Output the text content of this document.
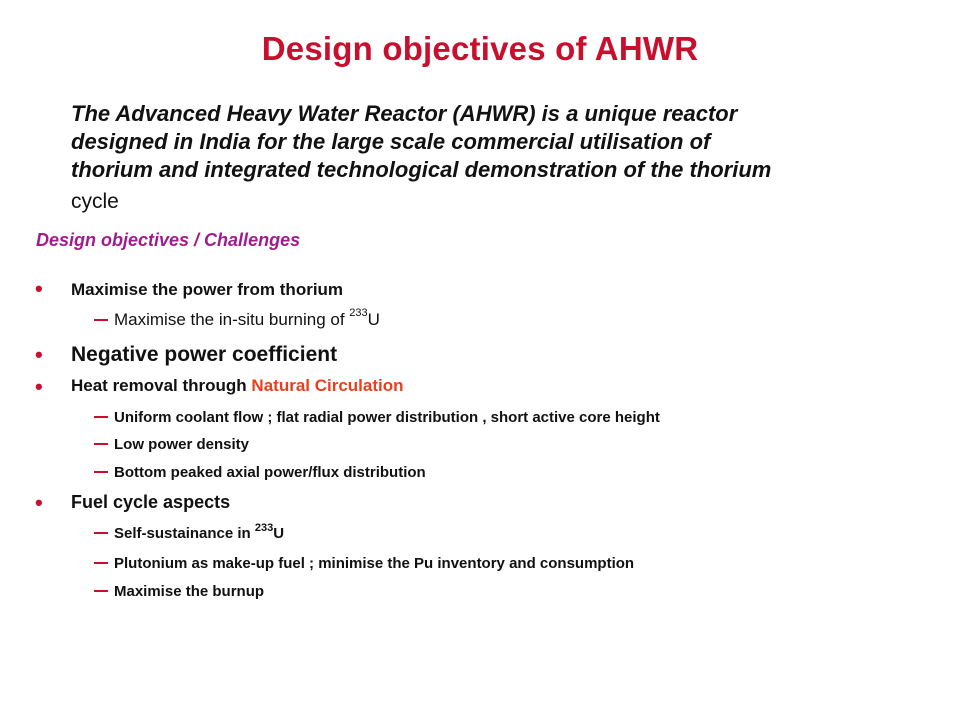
Design objectives of AHWR
The Advanced Heavy Water Reactor (AHWR) is a unique reactor
designed in India for the large scale commercial utilisation of
thorium and integrated technological demonstration of the thorium
cycle
Design objectives / Challenges
• Maximise the power from thorium
Maximise the in-situ burning of $^{233}$U
• Negative power coefficient
• Heat removal through Natural Circulation
Uniform coolant flow ; flat radial power distribution , short active core height
Low power density
Bottom peaked axial power/flux distribution
• Fuel cycle aspects
Self-sustainance in $^{233}$U
Plutonium as make-up fuel ; minimise the Pu inventory and consumption
Maximise the burnup
